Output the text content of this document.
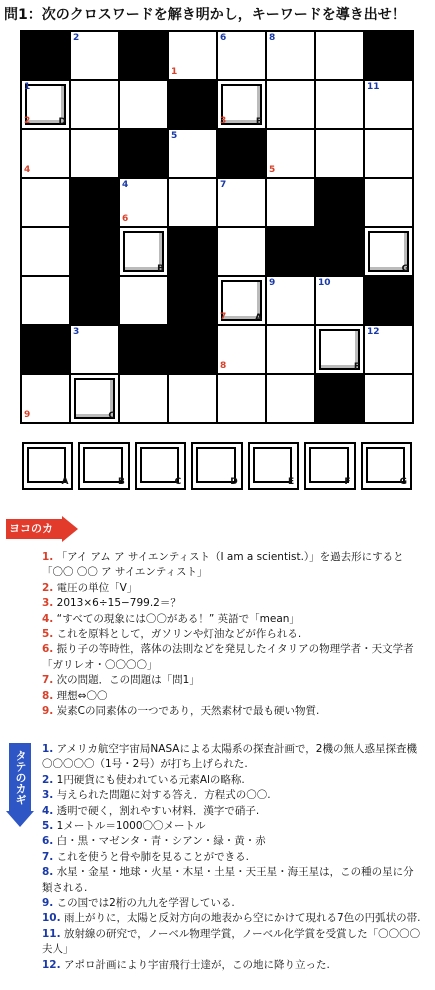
問1：次のクロスワードを解き明かし，キーワードを導き出せ！
2
1
6	8
D
1
2	E
3
11
4
5
5
4
6
7
B	G
A
7
9	10
3
8	F
12
9	C
A	B	C	D	E	F	G
ヨコのカギ
1. 「アイ アム ア サイエンティスト（I am a scientist.）」を過去形にすると「〇〇 〇〇 ア サイエンティスト」
2. 電圧の単位「V」
3. 2013×6÷15−799.2＝？
4. “すべての現象には〇〇がある！” 英語で「mean」
5. これを原料として，ガソリンや灯油などが作られる.
6. 振り子の等時性，落体の法則などを発見したイタリアの物理学者・天文学者「ガリレオ・〇〇〇〇」
7. 次の問題．この問題は「問1」
8. 理想⇔〇〇
9. 炭素Cの同素体の一つであり，天然素材で最も硬い物質.
タテのカギ
1. アメリカ航空宇宙局NASAによる太陽系の探査計画で，2機の無人惑星探査機〇〇〇〇〇（1号・2号）が打ち上げられた.
2. 1円硬貨にも使われている元素Alの略称.
3. 与えられた問題に対する答え．方程式の〇〇.
4. 透明で硬く，割れやすい材料．漢字で硝子.
5. 1メートル＝1000〇〇メートル
6. 白・黒・マゼンタ・青・シアン・緑・黄・赤
7. これを使うと骨や肺を見ることができる.
8. 水星・金星・地球・火星・木星・土星・天王星・海王星は，この種の星に分類される.
9. この国では2桁の九九を学習している.
10. 雨上がりに，太陽と反対方向の地表から空にかけて現れる7色の円弧状の帯.
11. 放射線の研究で，ノーベル物理学賞，ノーベル化学賞を受賞した「〇〇〇〇夫人」
12. アポロ計画により宇宙飛行士達が，この地に降り立った.
